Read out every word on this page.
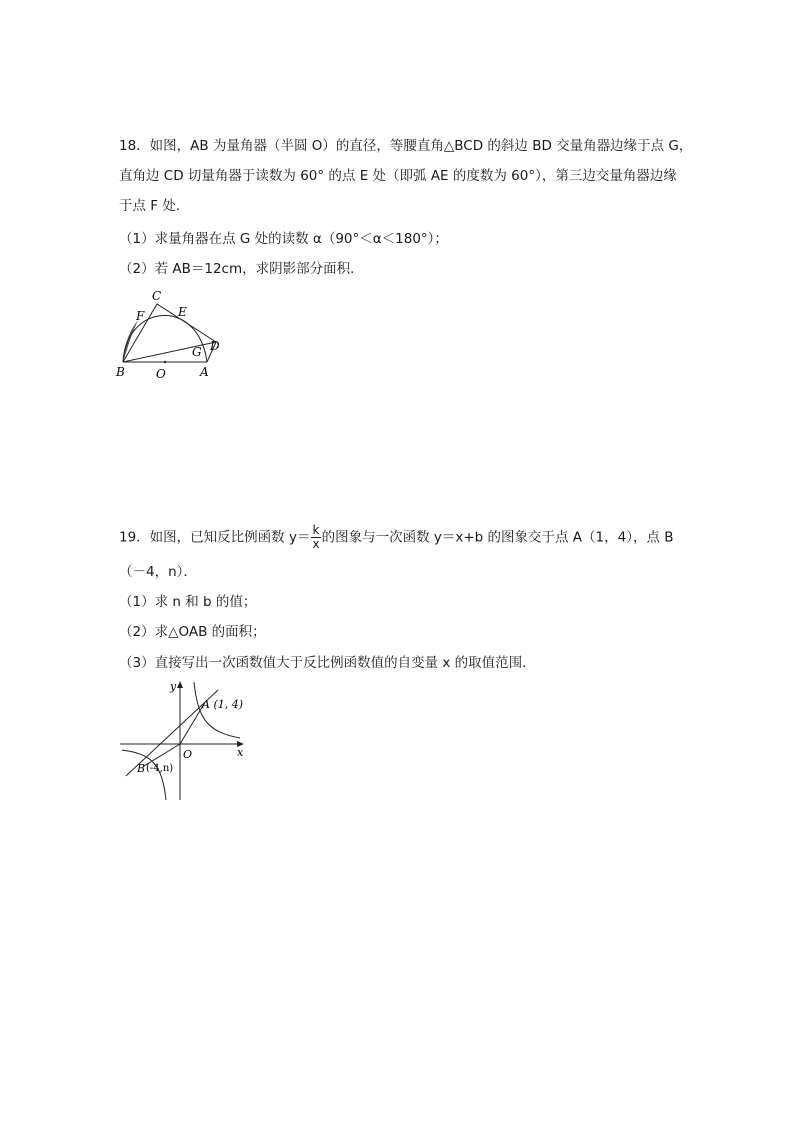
18．如图，AB 为量角器（半圆 O）的直径，等腰直角△BCD 的斜边 BD 交量角器边缘于点 G，
直角边 CD 切量角器于读数为 60° 的点 E 处（即弧 AE 的度数为 60°），第三边交量角器边缘
于点 F 处．
（1）求量角器在点 G 处的读数 α（90°＜α＜180°）；
（2）若 AB＝12cm，求阴影部分面积．
C
F	E
D
G
B	O	A
19．如图，已知反比例函数 $y= \frac{k}{x}$ 的图象与一次函数 y＝x+b 的图象交于点 A（1，4），点 B
（－4，n）．
（1）求 n 和 b 的值；
（2）求△OAB 的面积；
（3）直接写出一次函数值大于反比例函数值的自变量 x 的取值范围．
y
x
O
A (1, 4)
B (-4,n)
